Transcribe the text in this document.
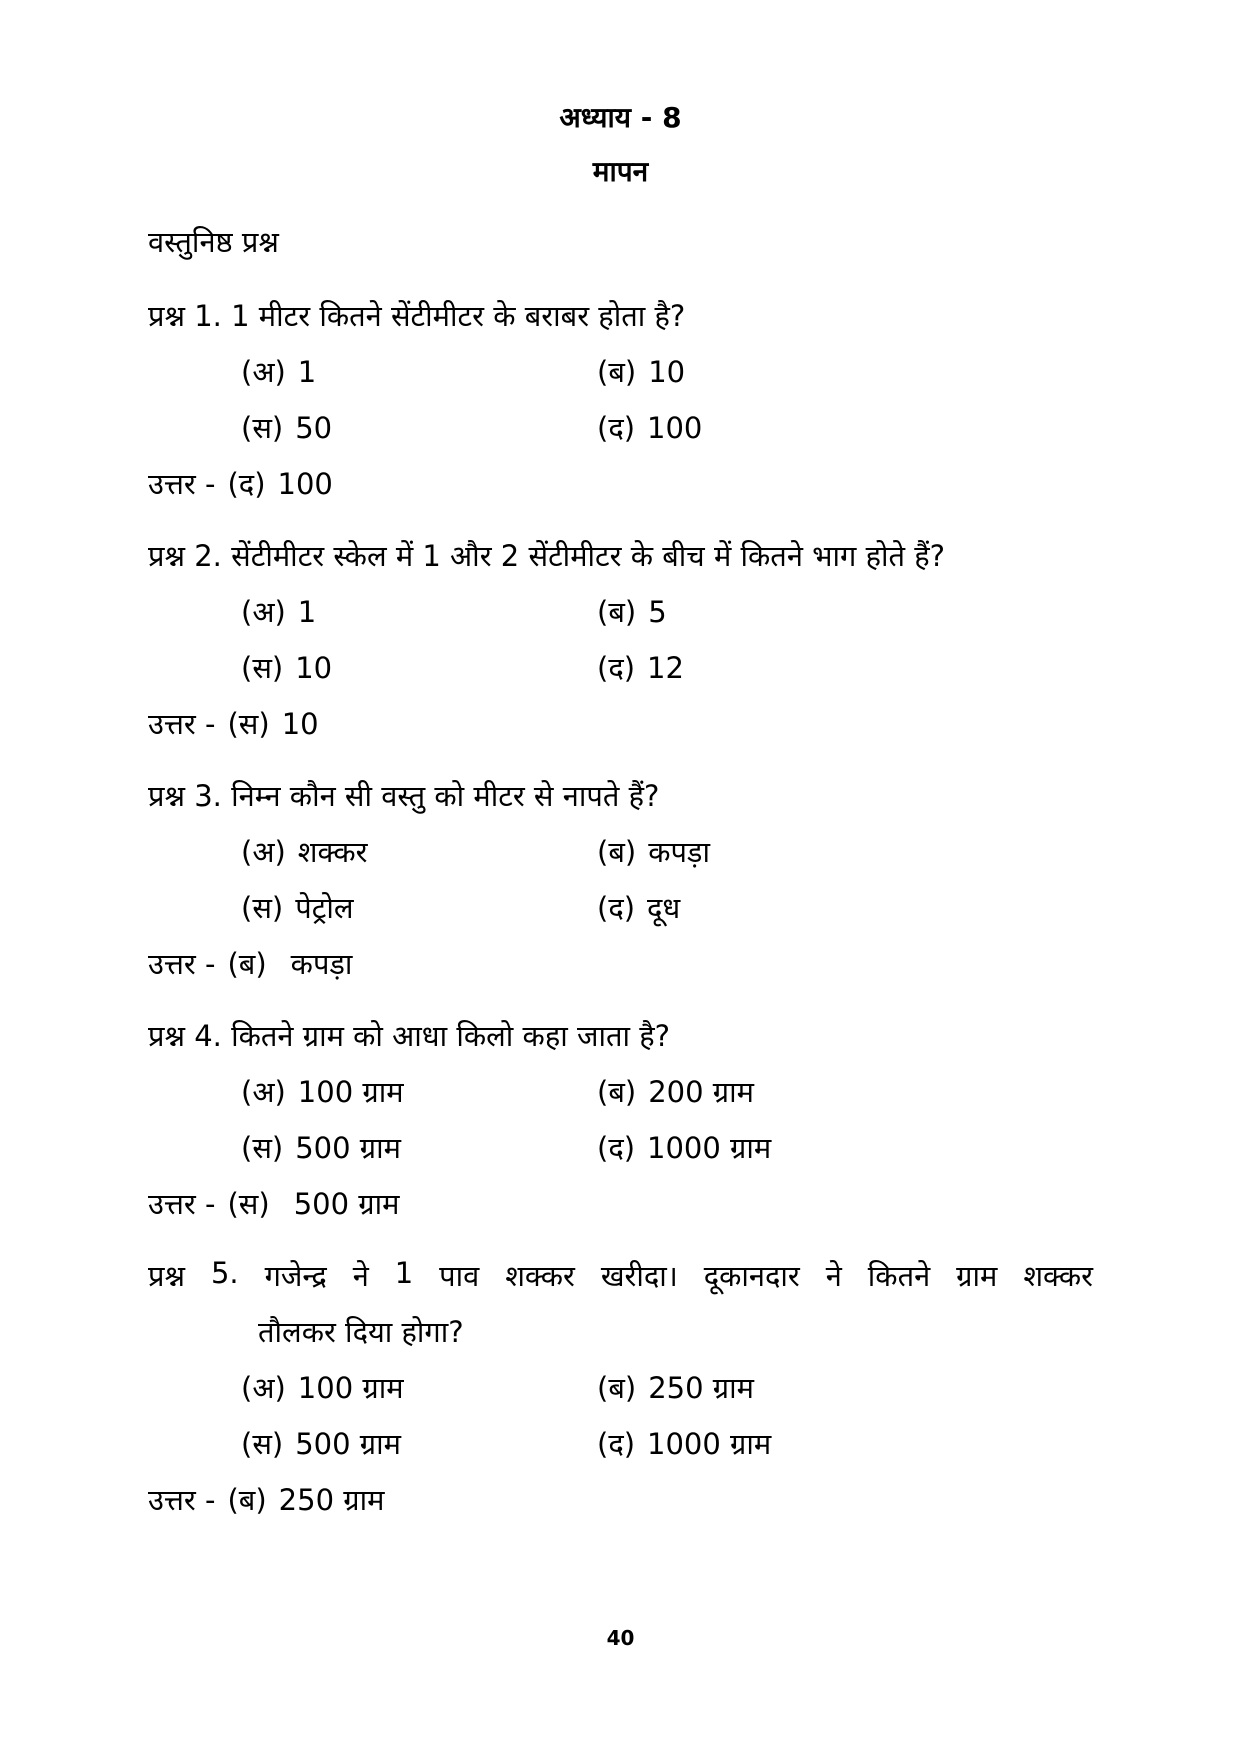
अध्याय - 8
मापन
वस्तुनिष्ठ प्रश्न
प्रश्न 1. 1 मीटर कितने सेंटीमीटर के बराबर होता है?
(अ) 1	(ब) 10
(स) 50	(द) 100
उत्तर - (द) 100
प्रश्न 2. सेंटीमीटर स्केल में 1 और 2 सेंटीमीटर के बीच में कितने भाग होते हैं?
(अ) 1	(ब) 5
(स) 10	(द) 12
उत्तर - (स) 10
प्रश्न 3. निम्न कौन सी वस्तु को मीटर से नापते हैं?
(अ) शक्कर	(ब) कपड़ा
(स) पेट्रोल	(द) दूध
उत्तर - (ब) कपड़ा
प्रश्न 4. कितने ग्राम को आधा किलो कहा जाता है?
(अ) 100 ग्राम	(ब) 200 ग्राम
(स) 500 ग्राम	(द) 1000 ग्राम
उत्तर - (स) 500 ग्राम
प्रश्न 5. गजेन्द्र ने 1 पाव शक्कर खरीदा। दूकानदार ने कितने ग्राम शक्कर
तौलकर दिया होगा?
(अ) 100 ग्राम	(ब) 250 ग्राम
(स) 500 ग्राम	(द) 1000 ग्राम
उत्तर - (ब) 250 ग्राम
40
